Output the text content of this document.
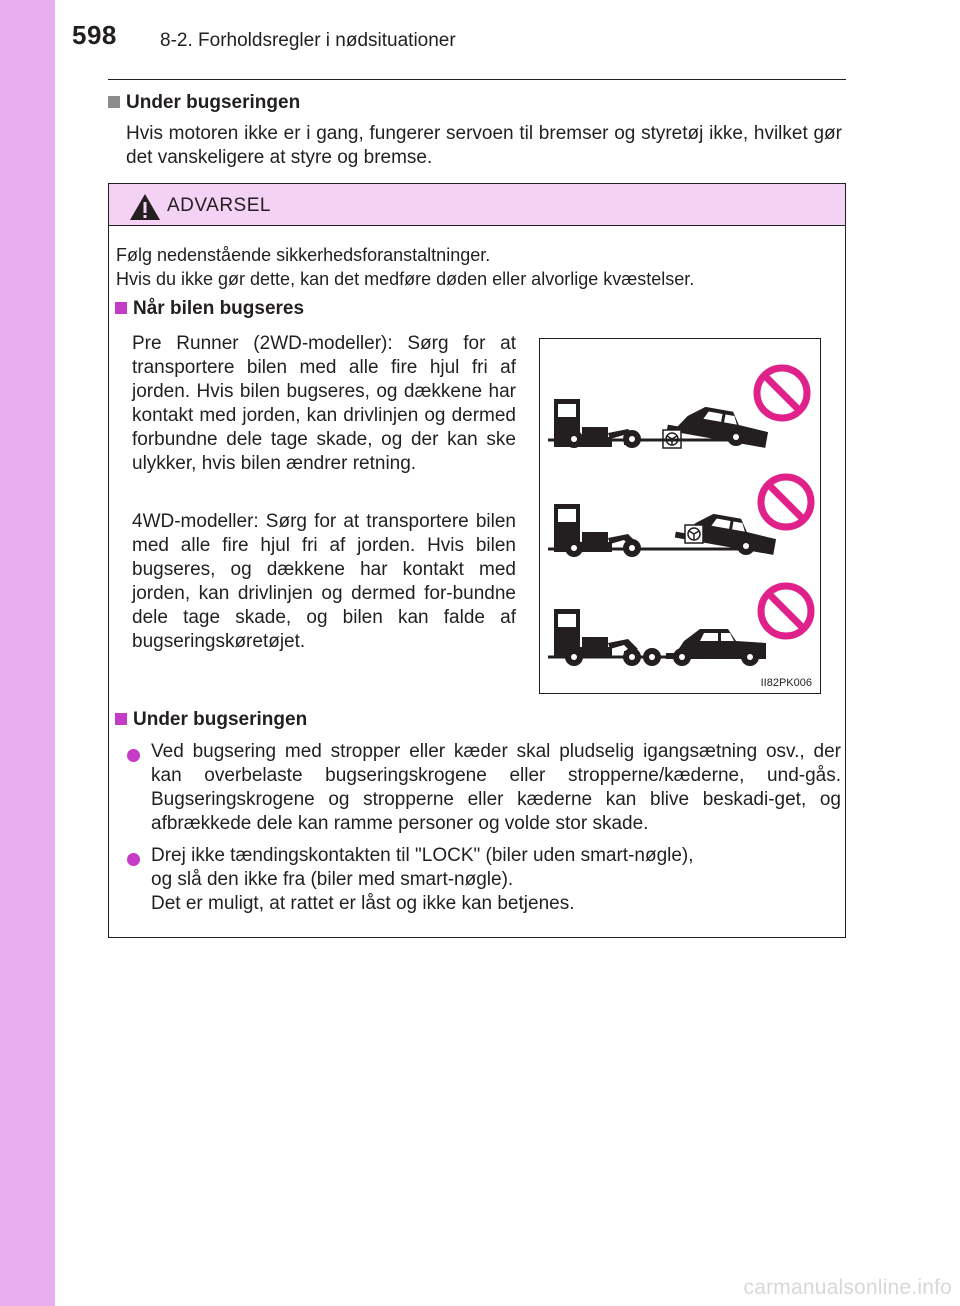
598 8-2. Forholdsregler i nødsituationer
Under bugseringen
Hvis motoren ikke er i gang, fungerer servoen til bremser og styretøj ikke, hvilket gør det vanskeligere at styre og bremse.
ADVARSEL
Følg nedenstående sikkerhedsforanstaltninger.
Hvis du ikke gør dette, kan det medføre døden eller alvorlige kvæstelser.
Når bilen bugseres
Pre Runner (2WD-modeller): Sørg for at transportere bilen med alle fire hjul fri af jorden. Hvis bilen bugseres, og dækkene har kontakt med jorden, kan drivlinjen og dermed forbundne dele tage skade, og der kan ske ulykker, hvis bilen ændrer retning.
4WD-modeller: Sørg for at transportere bilen med alle fire hjul fri af jorden. Hvis bilen bugseres, og dækkene har kontakt med jorden, kan drivlinjen og dermed for-bundne dele tage skade, og bilen kan falde af bugseringskøretøjet.
II82PK006
Under bugseringen
Ved bugsering med stropper eller kæder skal pludselig igangsætning osv., der kan overbelaste bugseringskrogene eller stropperne/kæderne, und-gås. Bugseringskrogene og stropperne eller kæderne kan blive beskadi-get, og afbrækkede dele kan ramme personer og volde stor skade.
Drej ikke tændingskontakten til "LOCK" (biler uden smart-nøgle),
og slå den ikke fra (biler med smart-nøgle).
Det er muligt, at rattet er låst og ikke kan betjenes.
carmanualsonline.info
